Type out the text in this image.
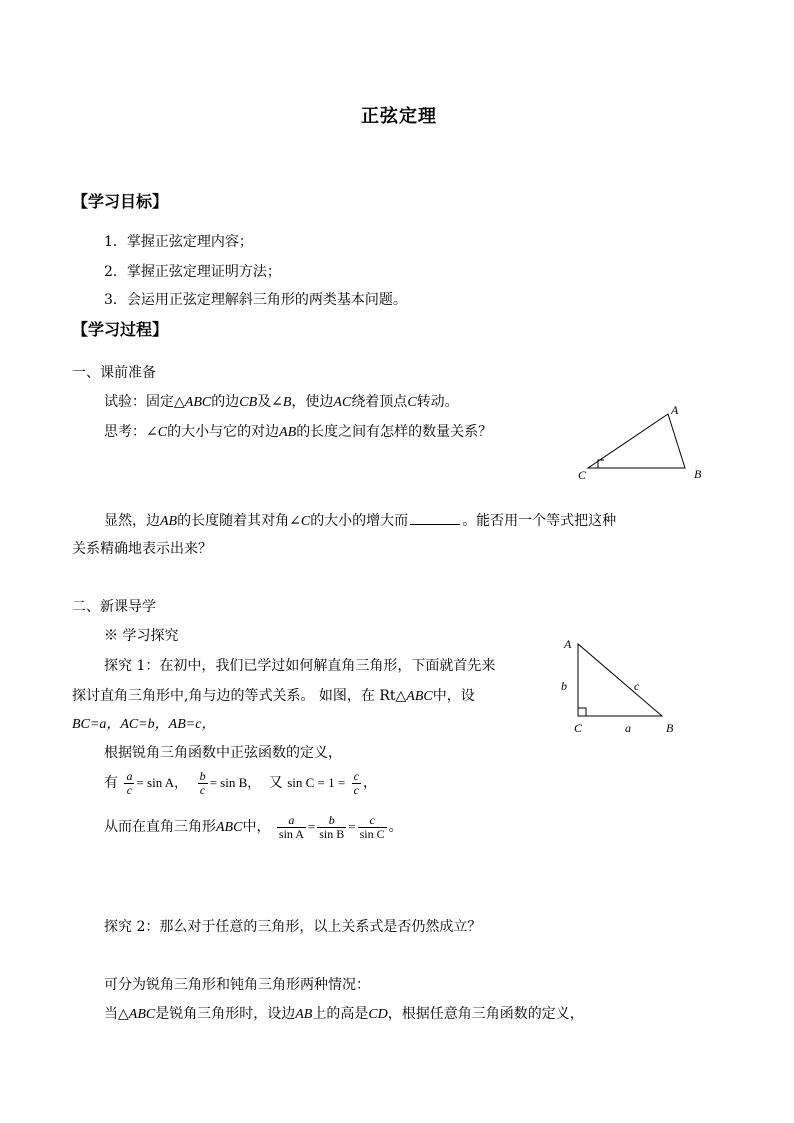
正弦定理
【学习目标】
1．掌握正弦定理内容；
2．掌握正弦定理证明方法；
3．会运用正弦定理解斜三角形的两类基本问题。
【学习过程】
一、课前准备
试验：固定△ABC的边CB及∠B，使边AC绕着顶点C转动。
思考：∠C的大小与它的对边AB的长度之间有怎样的数量关系？
A
C	B
显然，边AB的长度随着其对角∠C的大小的增大而	。能否用一个等式把这种
关系精确地表示出来？
二、新课导学
※ 学习探究
探究 1：在初中，我们已学过如何解直角三角形，下面就首先来
探讨直角三角形中,角与边的等式关系。 如图，在 Rt△ABC中，设
BC=a，AC=b，AB=c，
A
b	c
C	a	B
根据锐角三角函数中正弦函数的定义，
有 $\frac{a}{c} = \sin A$， $\frac{b}{c} = \sin B$， 又 $\sin C = 1 = \frac{c}{c}$ ，
从而在直角三角形ABC中， $\frac{a}{\text{sin A}} = \frac{b}{\text{sin B}} = \frac{c}{\text{sin C}}$ 。
探究 2：那么对于任意的三角形，以上关系式是否仍然成立？
可分为锐角三角形和钝角三角形两种情况：
当△ABC是锐角三角形时，设边AB上的高是CD，根据任意角三角函数的定义，
